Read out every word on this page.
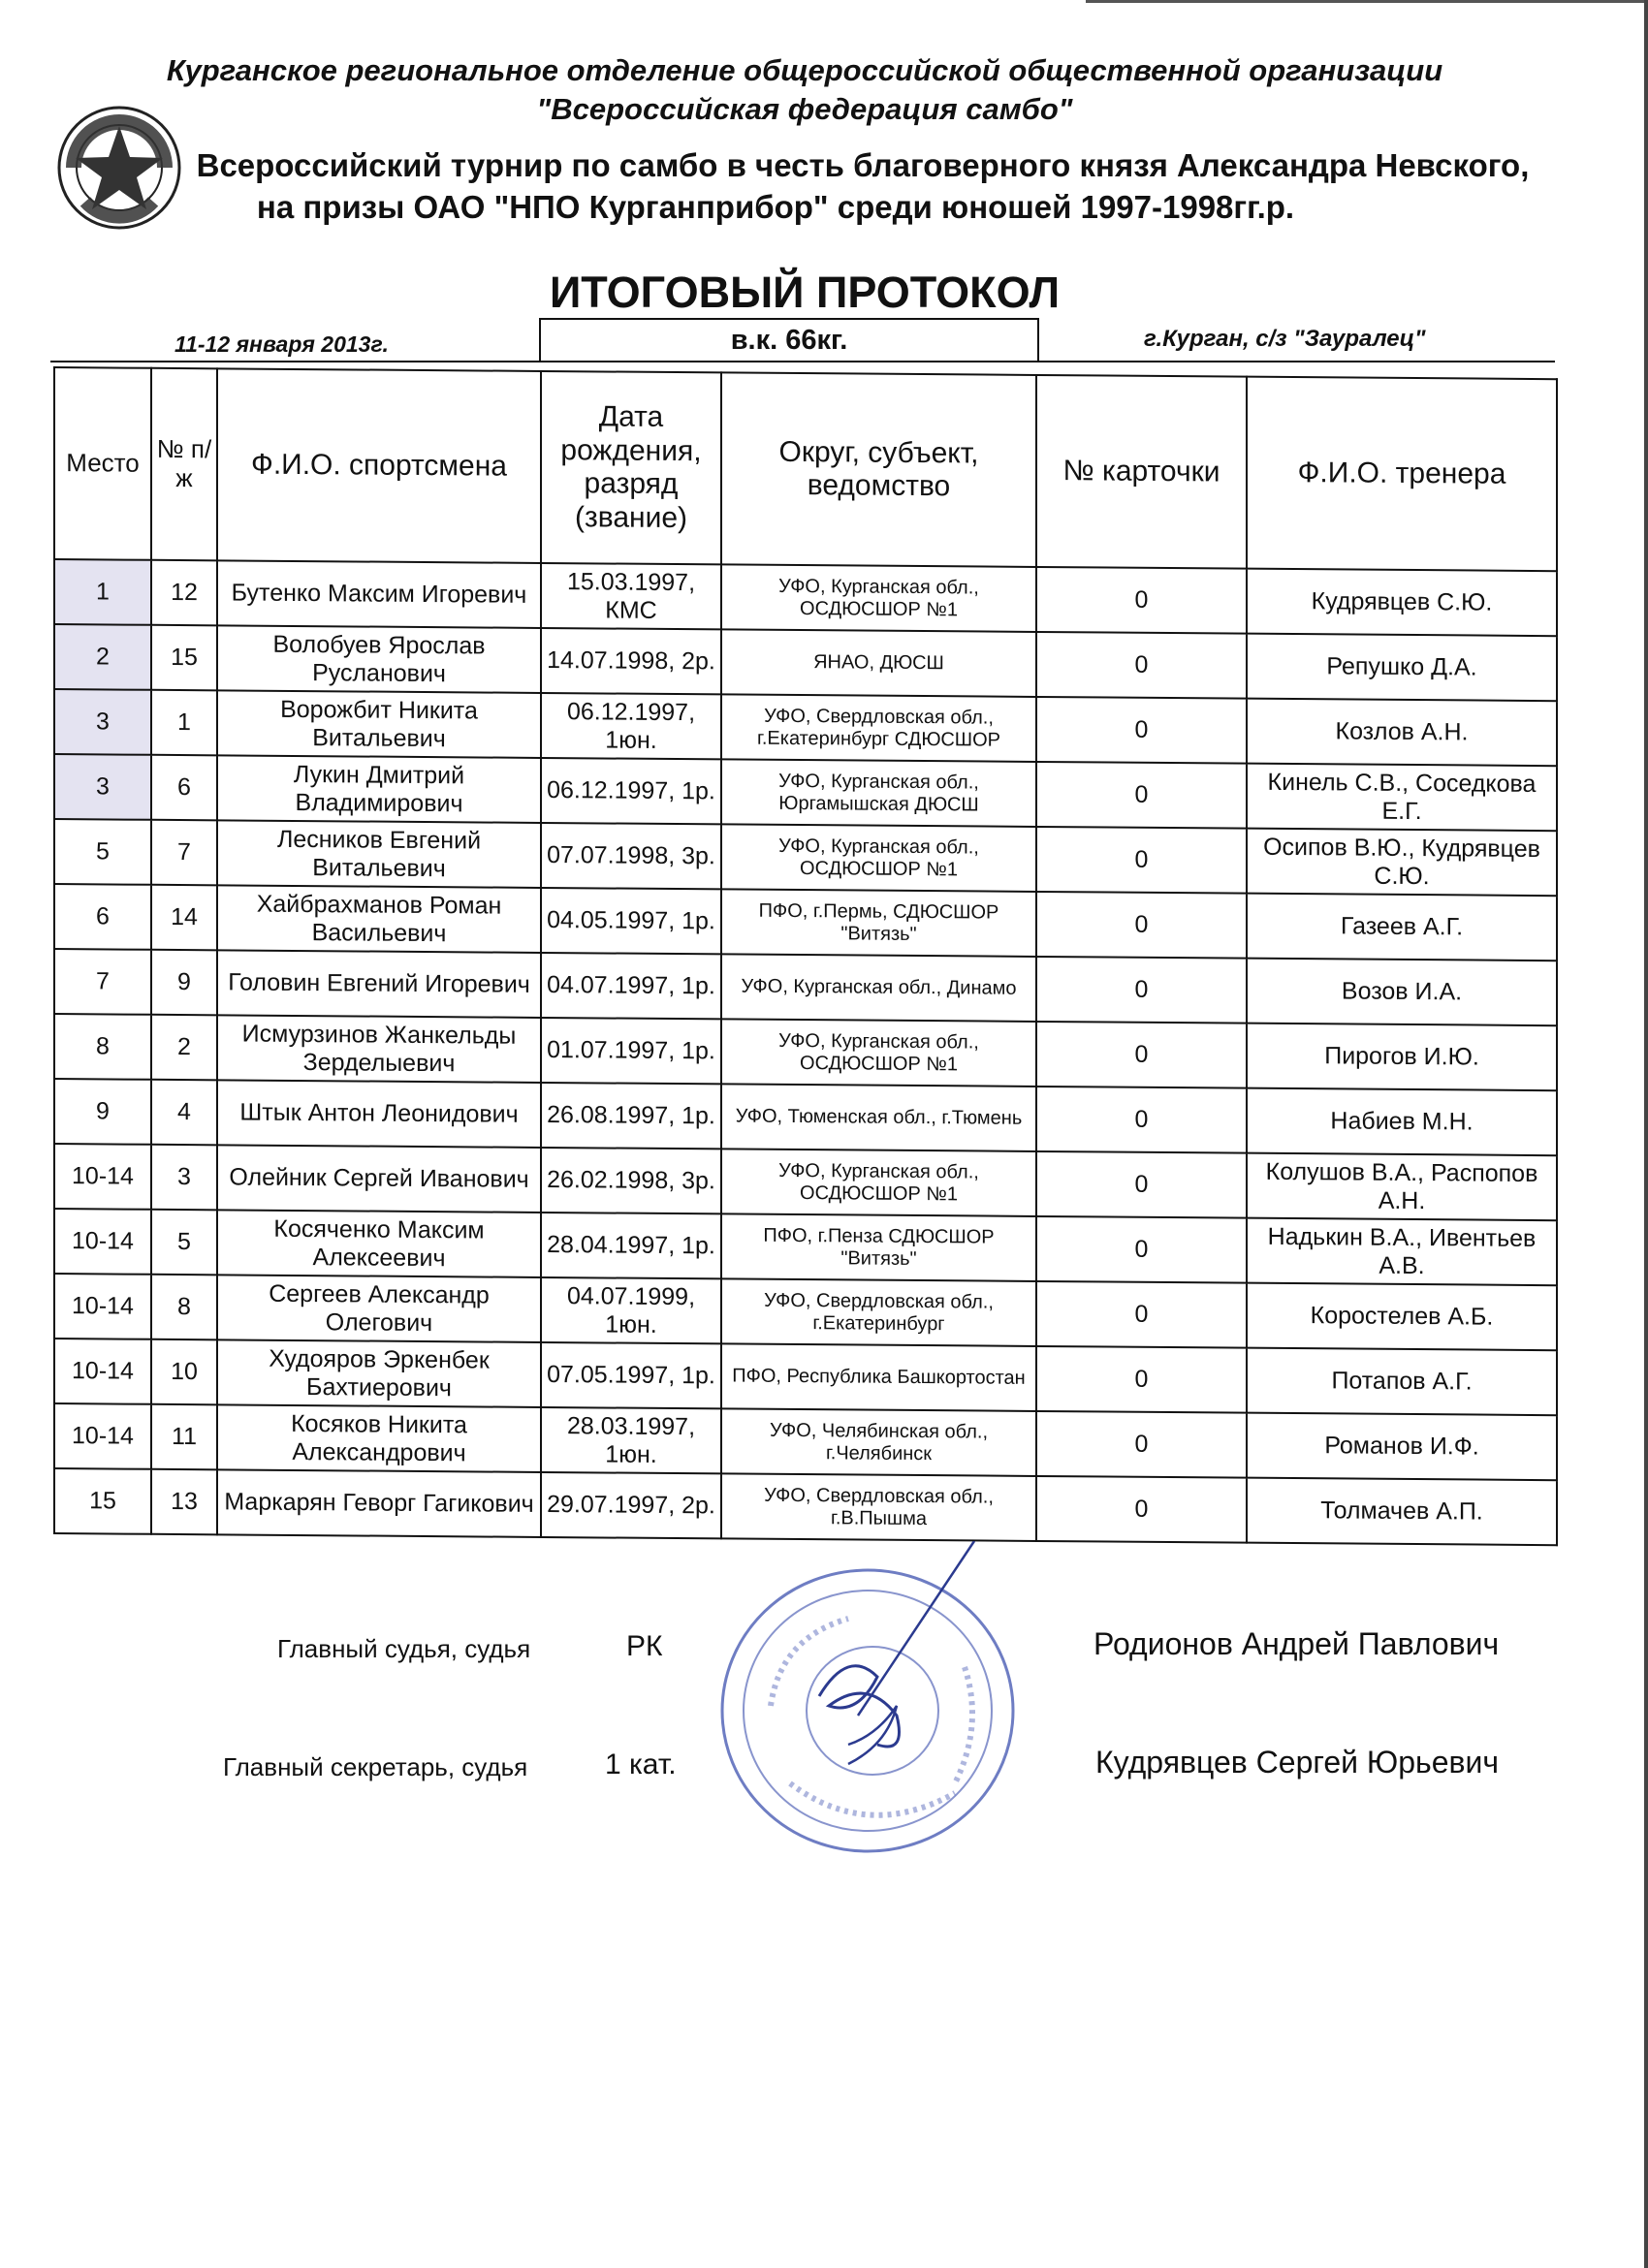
Курганское региональное отделение общероссийской общественной организации
"Всероссийская федерация самбо"
Всероссийский турнир по самбо в честь благоверного князя Александра Невского,
на призы ОАО "НПО Курганприбор" среди юношей 1997-1998гг.р.
ИТОГОВЫЙ ПРОТОКОЛ
11-12 января 2013г.	в.к. 66кг.	г.Курган, с/з "Зауралец"
Место	№ п/ж	Ф.И.О. спортсмена	Дата рождения, разряд (звание)	Округ, субъект, ведомство	№ карточки	Ф.И.О. тренера
1	12	Бутенко Максим Игоревич	15.03.1997, КМС	УФО, Курганская обл., ОСДЮСШОР №1	0	Кудрявцев С.Ю.
2	15	Волобуев Ярослав Русланович	14.07.1998, 2р.	ЯНАО, ДЮСШ	0	Репушко Д.А.
3	1	Ворожбит Никита Витальевич	06.12.1997, 1юн.	УФО, Свердловская обл., г.Екатеринбург СДЮСШОР	0	Козлов А.Н.
3	6	Лукин Дмитрий Владимирович	06.12.1997, 1р.	УФО, Курганская обл., Юргамышская ДЮСШ	0	Кинель С.В., Соседкова Е.Г.
5	7	Лесников Евгений Витальевич	07.07.1998, 3р.	УФО, Курганская обл., ОСДЮСШОР №1	0	Осипов В.Ю., Кудрявцев С.Ю.
6	14	Хайбрахманов Роман Васильевич	04.05.1997, 1р.	ПФО, г.Пермь, СДЮСШОР "Витязь"	0	Газеев А.Г.
7	9	Головин Евгений Игоревич	04.07.1997, 1р.	УФО, Курганская обл., Динамо	0	Возов И.А.
8	2	Исмурзинов Жанкельды Зерделыевич	01.07.1997, 1р.	УФО, Курганская обл., ОСДЮСШОР №1	0	Пирогов И.Ю.
9	4	Штык Антон Леонидович	26.08.1997, 1р.	УФО, Тюменская обл., г.Тюмень	0	Набиев М.Н.
10-14	3	Олейник Сергей Иванович	26.02.1998, 3р.	УФО, Курганская обл., ОСДЮСШОР №1	0	Колушов В.А., Распопов А.Н.
10-14	5	Косяченко Максим Алексеевич	28.04.1997, 1р.	ПФО, г.Пенза СДЮСШОР "Витязь"	0	Надькин В.А., Ивентьев А.В.
10-14	8	Сергеев Александр Олегович	04.07.1999, 1юн.	УФО, Свердловская обл., г.Екатеринбург	0	Коростелев А.Б.
10-14	10	Худояров Эркенбек Бахтиерович	07.05.1997, 1р.	ПФО, Республика Башкортостан	0	Потапов А.Г.
10-14	11	Косяков Никита Александрович	28.03.1997, 1юн.	УФО, Челябинская обл., г.Челябинск	0	Романов И.Ф.
15	13	Маркарян Геворг Гагикович	29.07.1997, 2р.	УФО, Свердловская обл., г.В.Пышма	0	Толмачев А.П.
Главный судья, судья	РК	Родионов Андрей Павлович
Главный секретарь, судья	1 кат.	Кудрявцев Сергей Юрьевич
